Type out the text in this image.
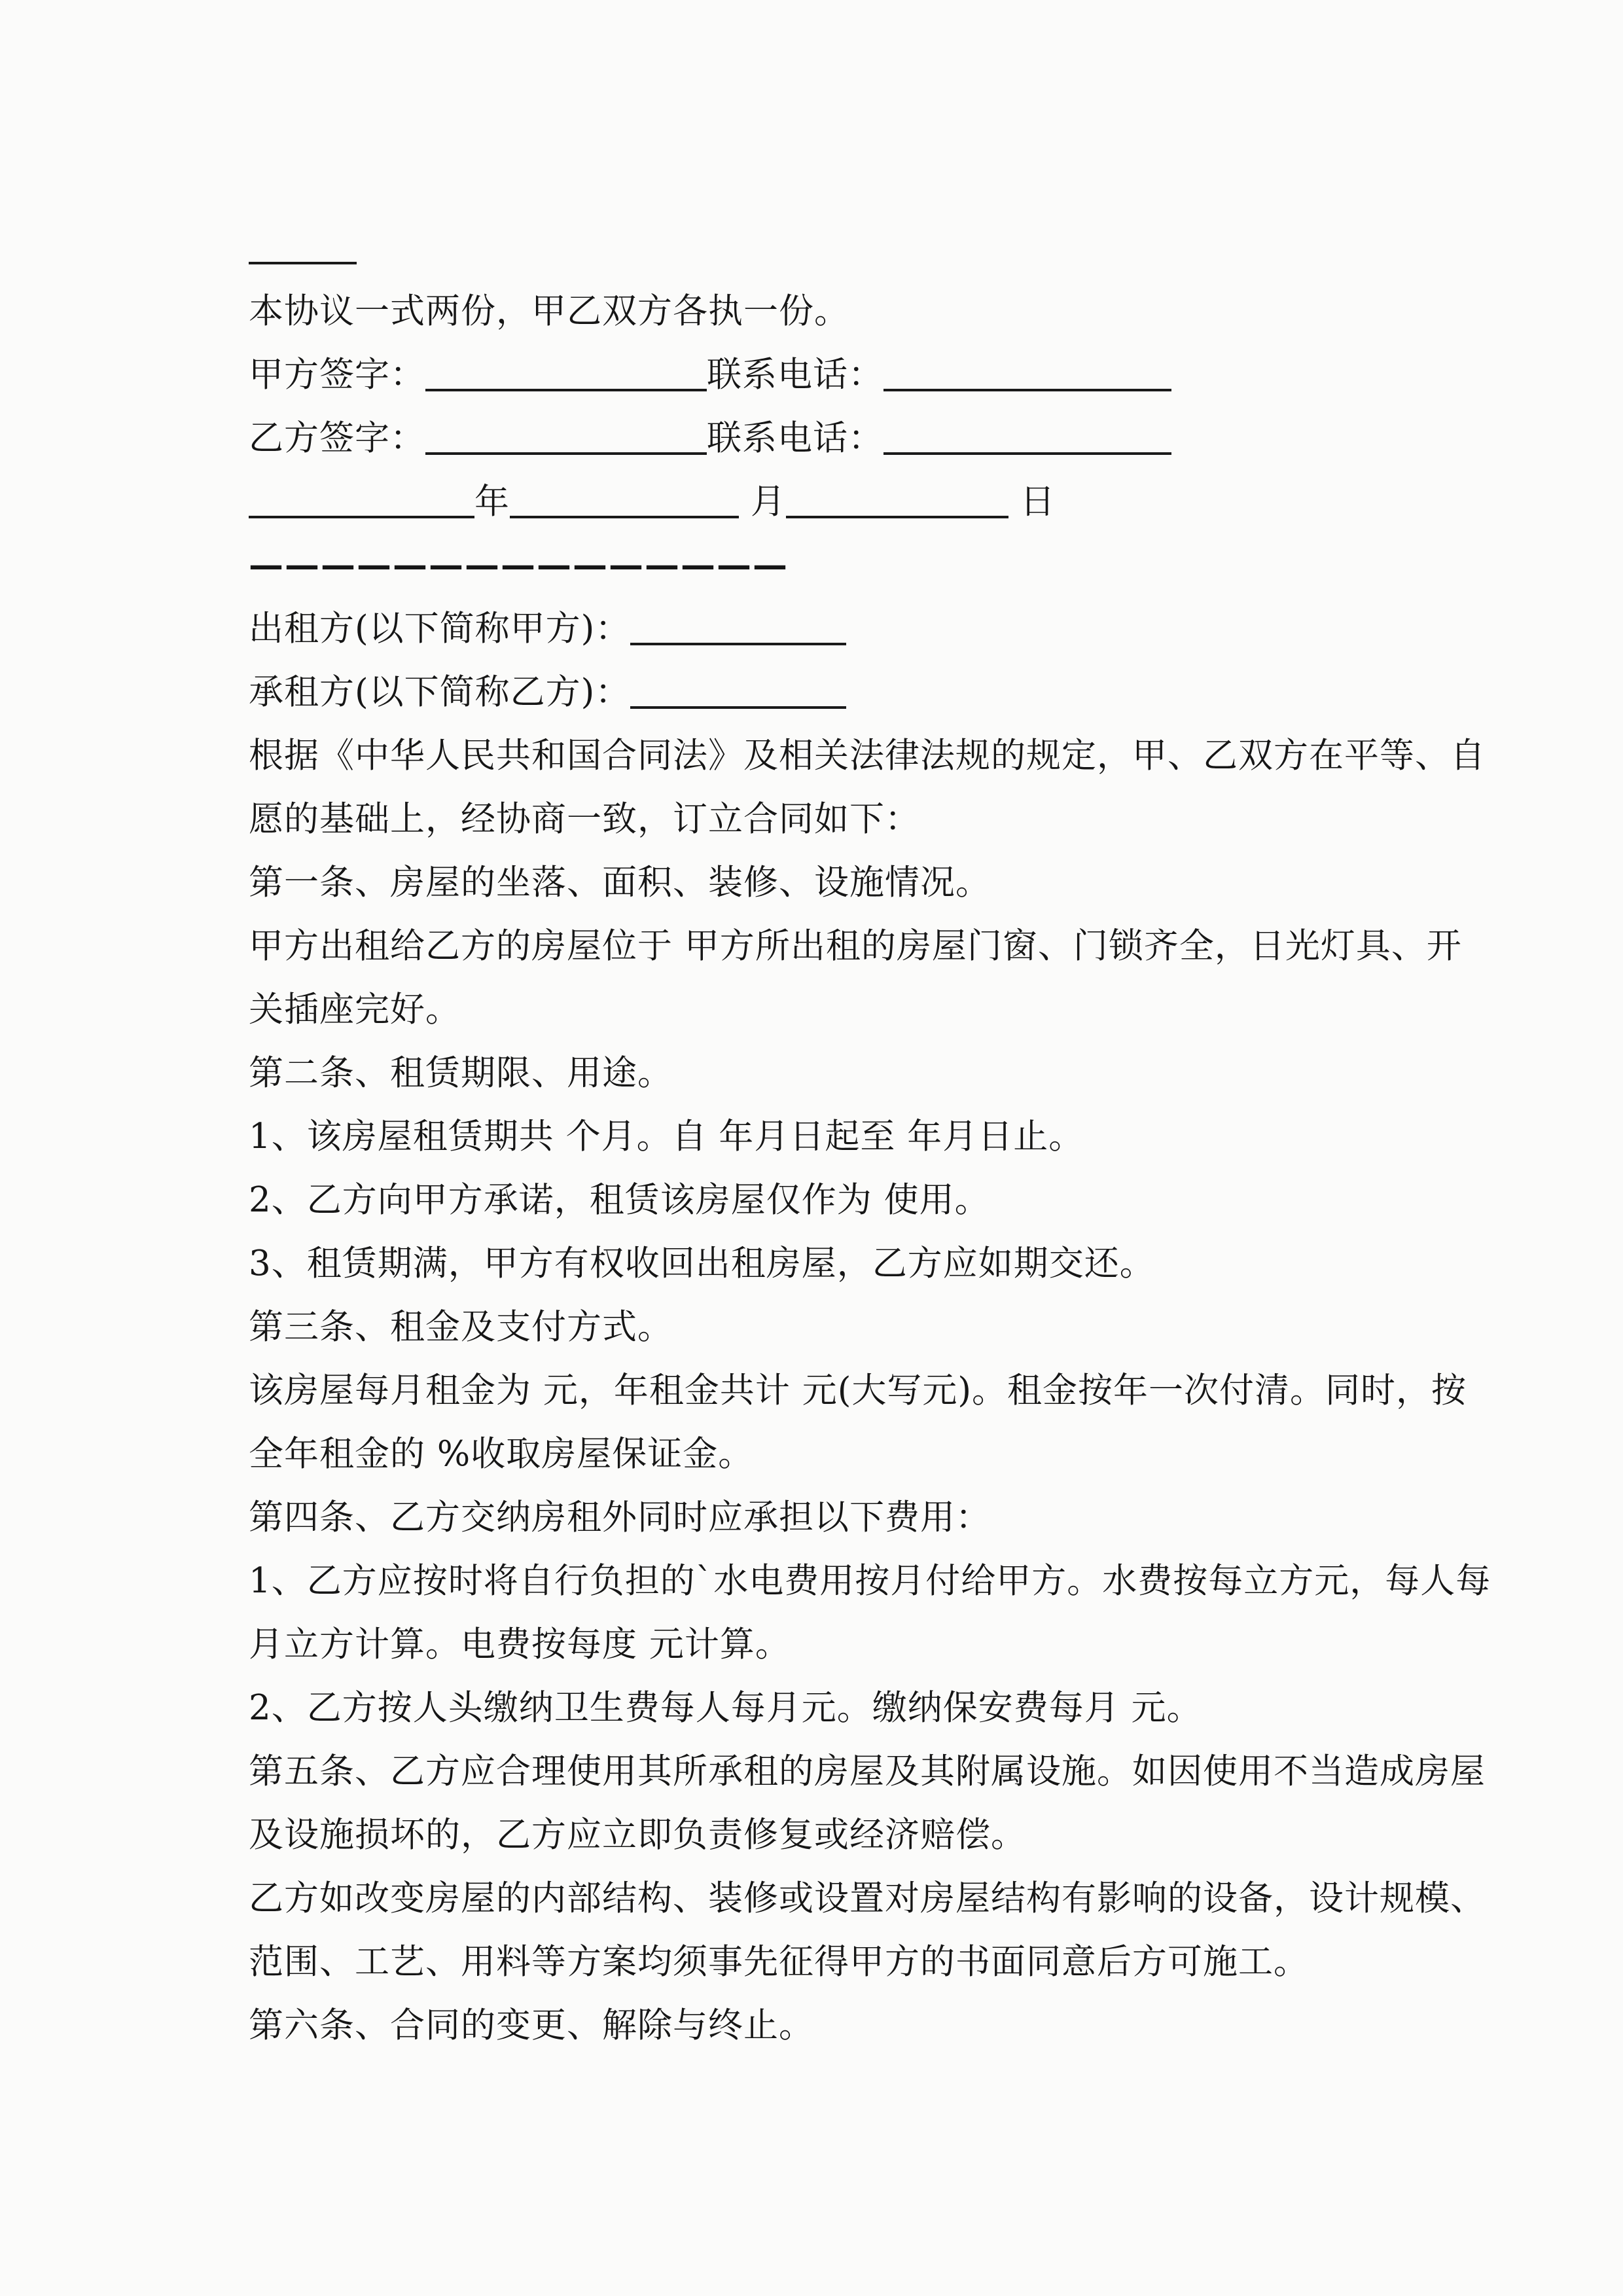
本协议一式两份，甲乙双方各执一份。
甲方签字：	联系电话：
乙方签字：	联系电话：
年	月	日
———————————————
出租方(以下简称甲方)：
承租方(以下简称乙方)：
根据《中华人民共和国合同法》及相关法律法规的规定，甲、乙双方在平等、自
愿的基础上，经协商一致，订立合同如下：
第一条、房屋的坐落、面积、装修、设施情况。
甲方出租给乙方的房屋位于 甲方所出租的房屋门窗、门锁齐全，日光灯具、开
关插座完好。
第二条、租赁期限、用途。
1、该房屋租赁期共 个月。自 年月日起至 年月日止。
2、乙方向甲方承诺，租赁该房屋仅作为 使用。
3、租赁期满，甲方有权收回出租房屋，乙方应如期交还。
第三条、租金及支付方式。
该房屋每月租金为 元，年租金共计 元(大写元)。租金按年一次付清。同时，按
全年租金的 %收取房屋保证金。
第四条、乙方交纳房租外同时应承担以下费用：
1、乙方应按时将自行负担的`水电费用按月付给甲方。水费按每立方元，每人每
月立方计算。电费按每度 元计算。
2、乙方按人头缴纳卫生费每人每月元。缴纳保安费每月 元。
第五条、乙方应合理使用其所承租的房屋及其附属设施。如因使用不当造成房屋
及设施损坏的，乙方应立即负责修复或经济赔偿。
乙方如改变房屋的内部结构、装修或设置对房屋结构有影响的设备，设计规模、
范围、工艺、用料等方案均须事先征得甲方的书面同意后方可施工。
第六条、合同的变更、解除与终止。
